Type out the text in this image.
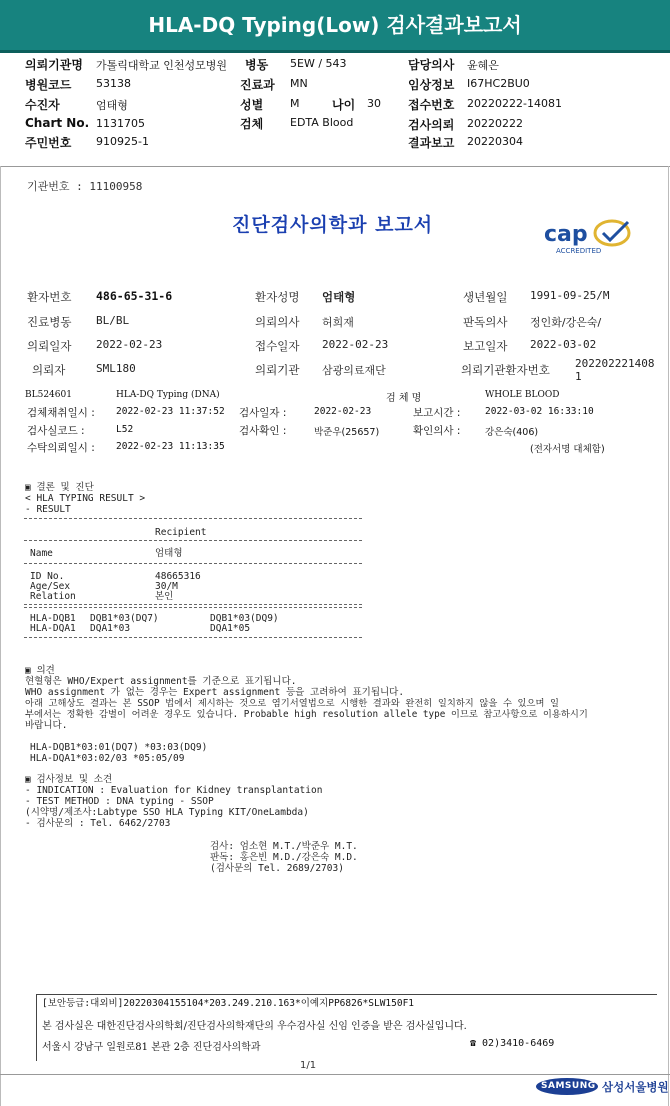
HLA-DQ Typing(Low) 검사결과보고서
의뢰기관명 가톨릭대학교 인천성모병원
병원코드 53138
수진자	엄태형
Chart No. 1131705
주민번호 910925-1
병동 5EW / 543
진료과 MN
성별 M	나이 30
검체 EDTA Blood
담당의사 윤혜은
임상정보 I67HC2BU0
접수번호 20220222-14081
검사의뢰 20220222
결과보고 20220304
기관번호 : 11100958
진단검사의학과 보고서	cap
ACCREDITED
환자번호 486-65-31-6	환자성명 엄태형	생년월일 1991-09-25/M
진료병동 BL/BL	의뢰의사 허희재	판독의사 정인화/강은숙/
의뢰일자 2022-02-23	접수일자 2022-02-23	보고일자 2022-03-02
의뢰자	SML180	의뢰기관 삼광의료재단	의뢰기관환자번호 202202221408
1
BL524601	HLA-DQ Typing (DNA)	검 체 명	WHOLE BLOOD
검체채취일시 : 2022-02-23 11:37:52 검사일자 :	2022-02-23	보고시간 :	2022-03-02 16:33:10
검사실코드 :	L52	검사확인 :	박준우(25657)	확인의사 :	강은숙(406)
수탁의뢰일시 : 2022-02-23 11:13:35	(전자서명 대체함)
▣ 결론 및 진단
< HLA TYPING RESULT >
- RESULT
Recipient
Name	엄태형
ID No.	48665316
Age/Sex	30/M
Relation	본인
HLA-DQB1 DQB1*03(DQ7)	DQB1*03(DQ9)
HLA-DQA1 DQA1*03	DQA1*05
▣ 의견
현혈형은 WHO/Expert assignment를 기준으로 표기됩니다.
WHO assignment 가 없는 경우는 Expert assignment 등을 고려하여 표기됩니다.
아래 고해상도 결과는 본 SSOP 법에서 제시하는 것으로 염기서열법으로 시행한 결과와 완전히 일치하지 않을 수 있으며 일
부에서는 정확한 감별이 어려운 경우도 있습니다. Probable high resolution allele type 이므로 참고사항으로 이용하시기
바랍니다.
HLA-DQB1*03:01(DQ7) *03:03(DQ9)
HLA-DQA1*03:02/03 *05:05/09
▣ 검사정보 및 소견
- INDICATION : Evaluation for Kidney transplantation
- TEST METHOD : DNA typing - SSOP
(시약명/제조사:Labtype SSO HLA Typing KIT/OneLambda)
- 검사문의 : Tel. 6462/2703
검사: 엄소현 M.T./박준우 M.T.
판독: 홍은빈 M.D./강은숙 M.D.
(검사문의 Tel. 2689/2703)
[보안등급:대외비]20220304155104*203.249.210.163*이예지PP6826*SLW150F1
본 검사실은 대한진단검사의학회/진단검사의학재단의 우수검사실 신임 인증을 받은 검사실입니다.
서울시 강남구 일원로81 본관 2층 진단검사의학과	☎ 02)3410-6469
1/1
SAMSUNG 삼성서울병원
